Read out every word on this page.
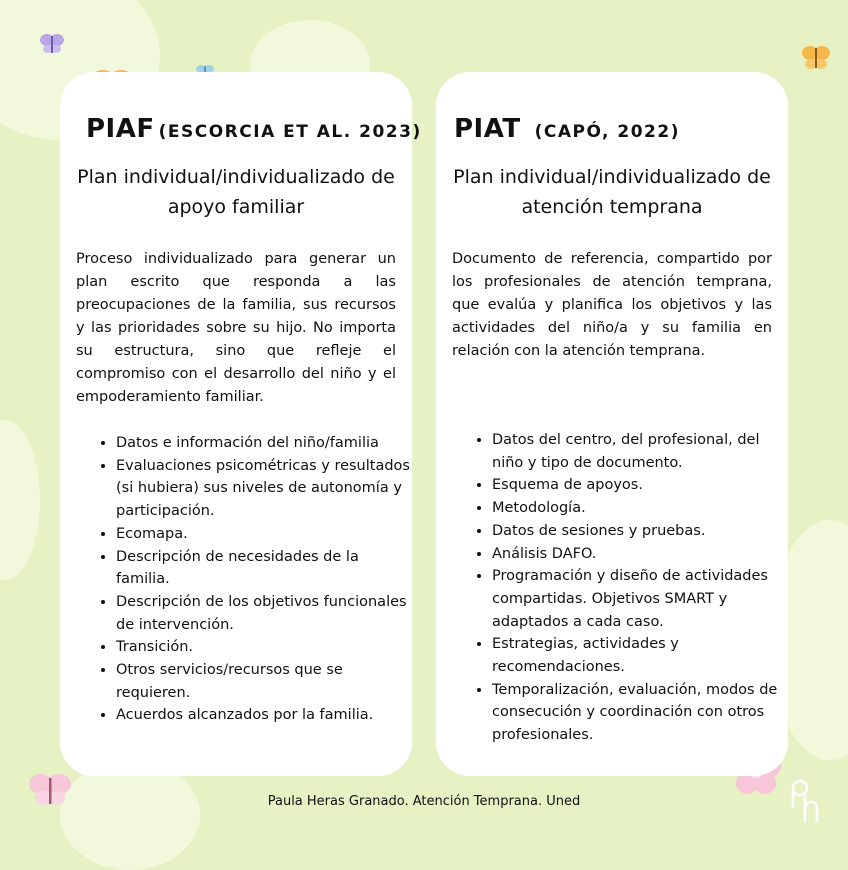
PIAF (ESCORCIA ET AL. 2023)

Plan individual/individualizado de apoyo familiar

Proceso individualizado para generar un plan escrito que responda a las preocupaciones de la familia, sus recursos y las prioridades sobre su hijo. No importa su estructura, sino que refleje el compromiso con el desarrollo del niño y el empoderamiento familiar.

• Datos e información del niño/familia
• Evaluaciones psicométricas y resultados (si hubiera) sus niveles de autonomía y participación.
• Ecomapa.
• Descripción de necesidades de la familia.
• Descripción de los objetivos funcionales de intervención.
• Transición.
• Otros servicios/recursos que se requieren.
• Acuerdos alcanzados por la familia.
PIAT (CAPÓ, 2022)

Plan individual/individualizado de atención temprana

Documento de referencia, compartido por los profesionales de atención temprana, que evalúa y planifica los objetivos y las actividades del niño/a y su familia en relación con la atención temprana.

• Datos del centro, del profesional, del niño y tipo de documento.
• Esquema de apoyos.
• Metodología.
• Datos de sesiones y pruebas.
• Análisis DAFO.
• Programación y diseño de actividades compartidas. Objetivos SMART y adaptados a cada caso.
• Estrategias, actividades y recomendaciones.
• Temporalización, evaluación, modos de consecución y coordinación con otros profesionales.
Paula Heras Granado. Atención Temprana. Uned
